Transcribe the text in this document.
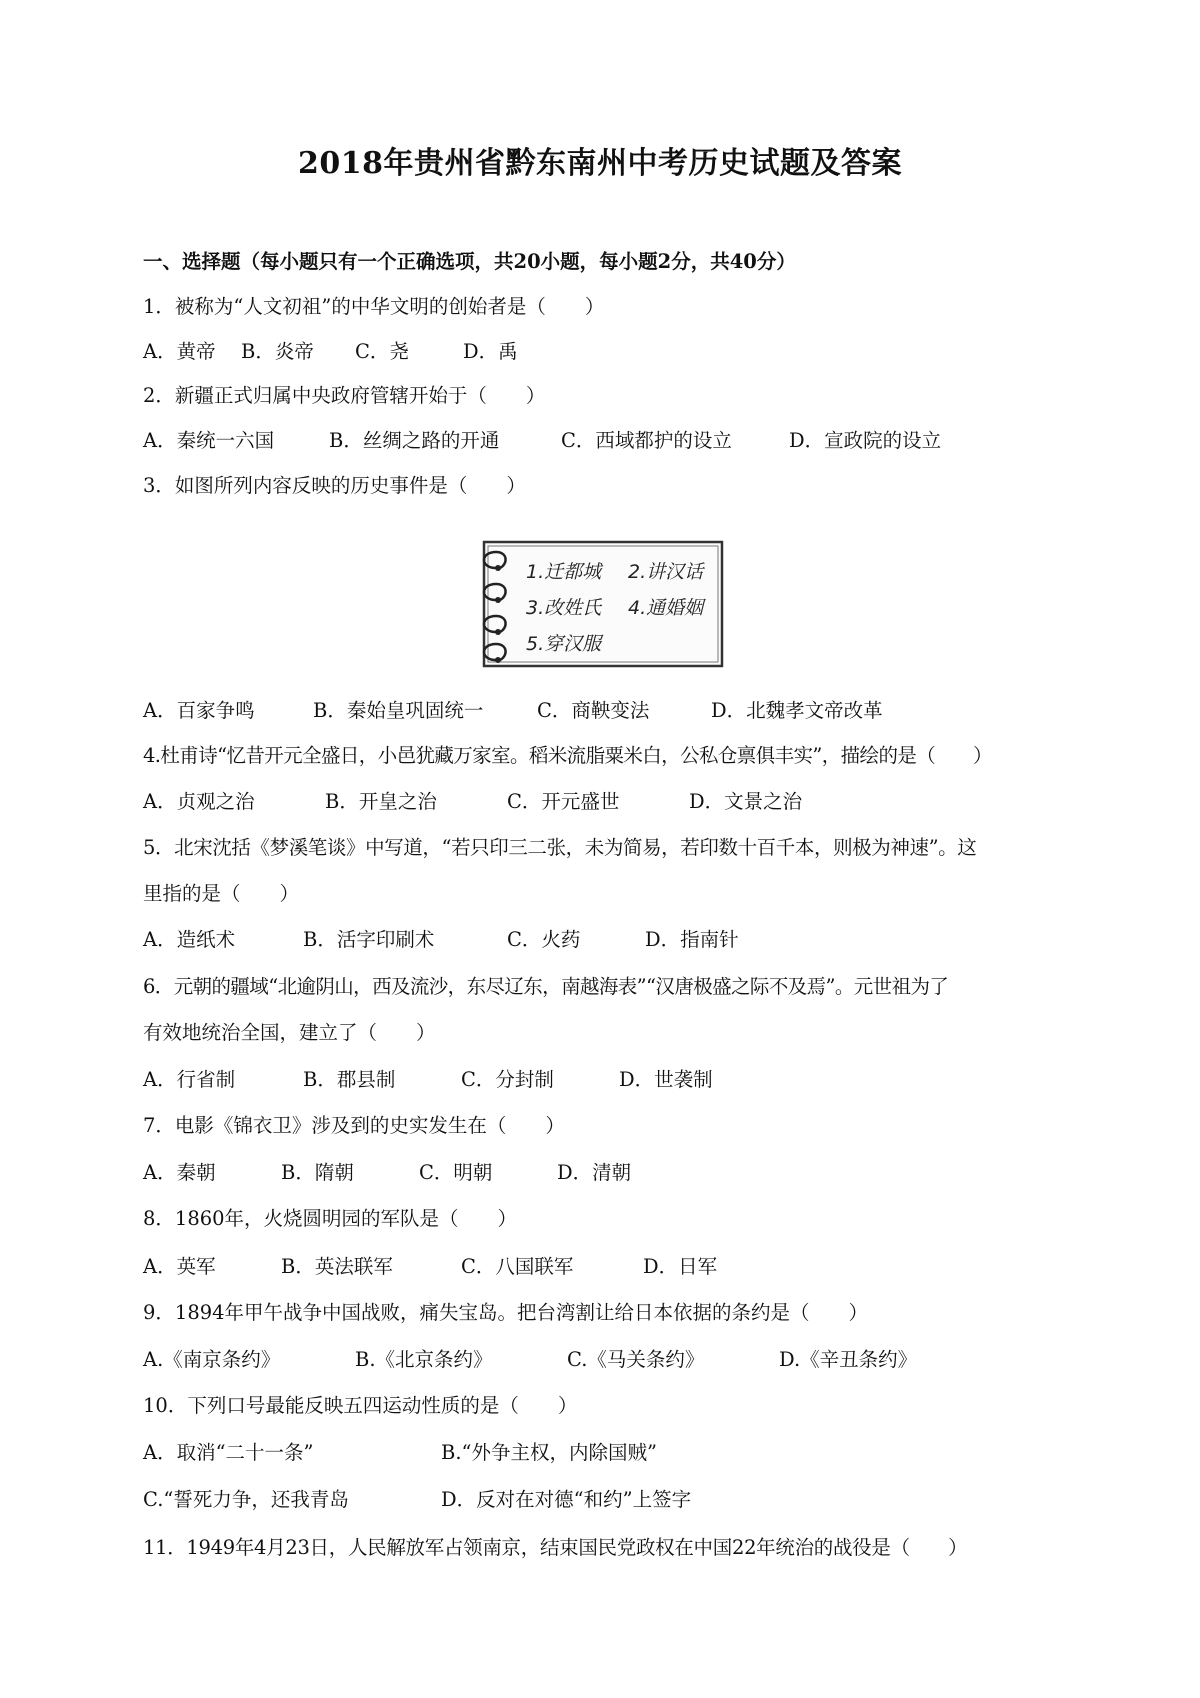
2018年贵州省黔东南州中考历史试题及答案
一、选择题（每小题只有一个正确选项，共20小题，每小题2分，共40分）
1．被称为“人文初祖”的中华文明的创始者是（　　）
A．黄帝 B．炎帝 C．尧	D．禹
2．新疆正式归属中央政府管辖开始于（　　）
A．秦统一六国	B．丝绸之路的开通	C．西域都护的设立	D．宣政院的设立
3．如图所列内容反映的历史事件是（　　）
1.迁都城 2.讲汉话
3.改姓氏 4.通婚姻
5.穿汉服
A．百家争鸣	B．秦始皇巩固统一	C．商鞅变法	D．北魏孝文帝改革
4.杜甫诗“忆昔开元全盛日，小邑犹藏万家室。稻米流脂粟米白，公私仓禀俱丰实”，描绘的是（　　）
A．贞观之治	B．开皇之治	C．开元盛世	D．文景之治
5．北宋沈括《梦溪笔谈》中写道，“若只印三二张，未为简易，若印数十百千本，则极为神速”。这
里指的是（　　）
A．造纸术	B．活字印刷术	C．火药	D．指南针
6．元朝的疆域“北逾阴山，西及流沙，东尽辽东，南越海表”“汉唐极盛之际不及焉”。元世祖为了
有效地统治全国，建立了（　　）
A．行省制	B．郡县制	C．分封制	D．世袭制
7．电影《锦衣卫》涉及到的史实发生在（　　）
A．秦朝	B．隋朝	C．明朝	D．清朝
8．1860年，火烧圆明园的军队是（　　）
A．英军	B．英法联军	C．八国联军	D．日军
9．1894年甲午战争中国战败，痛失宝岛。把台湾割让给日本依据的条约是（　　）
A.《南京条约》	B.《北京条约》	C.《马关条约》	D.《辛丑条约》
10．下列口号最能反映五四运动性质的是（　　）
A．取消“二十一条”	B.“外争主权，内除国贼”
C.“誓死力争，还我青岛	D．反对在对德“和约”上签字
11．1949年4月23日，人民解放军占领南京，结束国民党政权在中国22年统治的战役是（　　）
